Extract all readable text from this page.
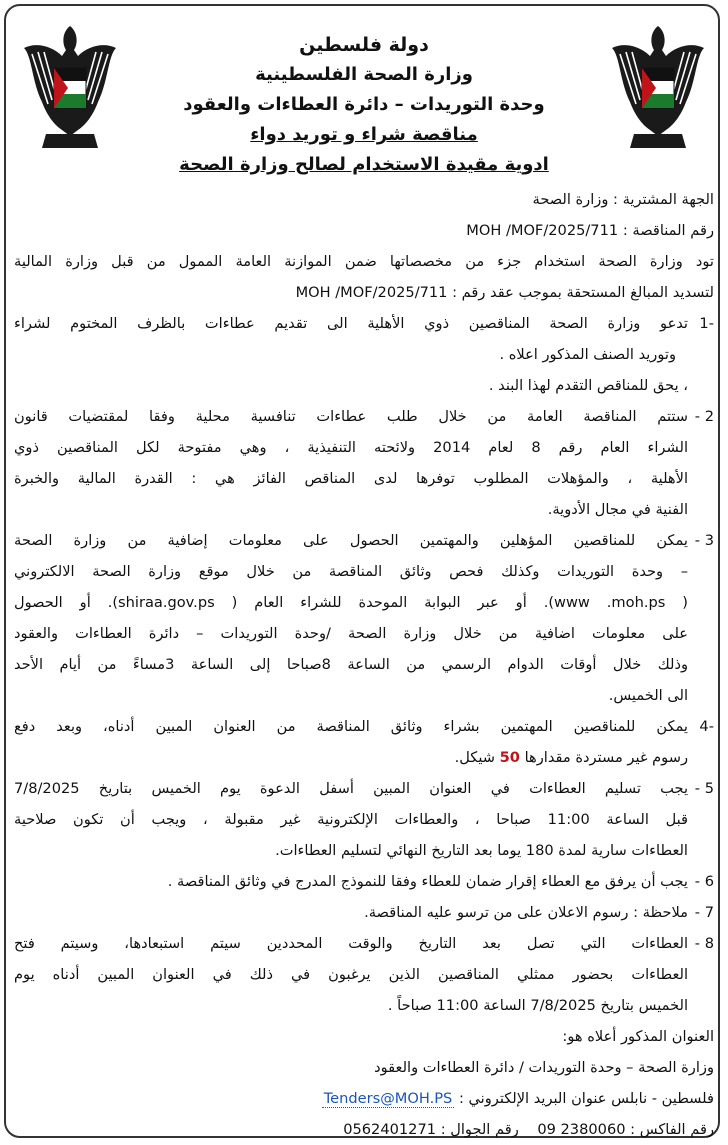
فلسطين
فلسطين
دولة فلسطين
وزارة الصحة الفلسطينية
وحدة التوريدات – دائرة العطاءات والعقود
مناقصة شراء و توريد دواء
ادوية مقيدة الاستخدام لصالح وزارة الصحة
الجهة المشترية : وزارة الصحة
رقم المناقصة : MOH /MOF/2025/711
تود وزارة الصحة استخدام جزء من مخصصاتها ضمن الموازنة العامة الممول من قبل وزارة المالية
لتسديد المبالغ المستحقة بموجب عقد رقم : MOH /MOF/2025/711
-1
تدعو وزارة الصحة المناقصين ذوي الأهلية الى تقديم عطاءات بالظرف المختوم لشراء
وتوريد الصنف المذكور اعلاه .
، يحق للمناقص التقدم لهذا البند .
2 -
ستتم المناقصة العامة من خلال طلب عطاءات تنافسية محلية وفقا لمقتضيات قانون
الشراء العام رقم 8 لعام 2014 ولائحته التنفيذية ، وهي مفتوحة لكل المناقصين ذوي
الأهلية ، والمؤهلات المطلوب توفرها لدى المناقص الفائز هي : القدرة المالية والخبرة
الفنية في مجال الأدوية.
3 -
يمكن للمناقصين المؤهلين والمهتمين الحصول على معلومات إضافية من وزارة الصحة
– وحدة التوريدات وكذلك فحص وثائق المناقصة من خلال موقع وزارة الصحة الالكتروني
( www .moh.ps). أو عبر البوابة الموحدة للشراء العام ( shiraa.gov.ps). أو الحصول
على معلومات اضافية من خلال وزارة الصحة /وحدة التوريدات – دائرة العطاءات والعقود
وذلك خلال أوقات الدوام الرسمي من الساعة 8صباحا إلى الساعة 3مساءً من أيام الأحد
الى الخميس.
-4
يمكن للمناقصين المهتمين بشراء وثائق المناقصة من العنوان المبين أدناه، وبعد دفع
رسوم غير مستردة مقدارها 50 شيكل.
5 -
يجب تسليم العطاءات في العنوان المبين أسفل الدعوة يوم الخميس بتاريخ 7/8/2025
قبل الساعة 11:00 صباحا ، والعطاءات الإلكترونية غير مقبولة ، ويجب أن تكون صلاحية
العطاءات سارية لمدة 180 يوما بعد التاريخ النهائي لتسليم العطاءات.
6 -
يجب أن يرفق مع العطاء إقرار ضمان للعطاء وفقا للنموذج المدرج في وثائق المناقصة .
7 -
ملاحظة : رسوم الاعلان على من ترسو عليه المناقصة.
8 -
العطاءات التي تصل بعد التاريخ والوقت المحددين سيتم استبعادها، وسيتم فتح
العطاءات بحضور ممثلي المناقصين الذين يرغبون في ذلك في العنوان المبين أدناه يوم
الخميس بتاريخ 7/8/2025 الساعة 11:00 صباحاً .
العنوان المذكور أعلاه هو:
وزارة الصحة – وحدة التوريدات / دائرة العطاءات والعقود
فلسطين - نابلس عنوان البريد الإلكتروني : Tenders@MOH.PS
رقم الفاكس : 09 2380060    رقم الجوال : 0562401271
